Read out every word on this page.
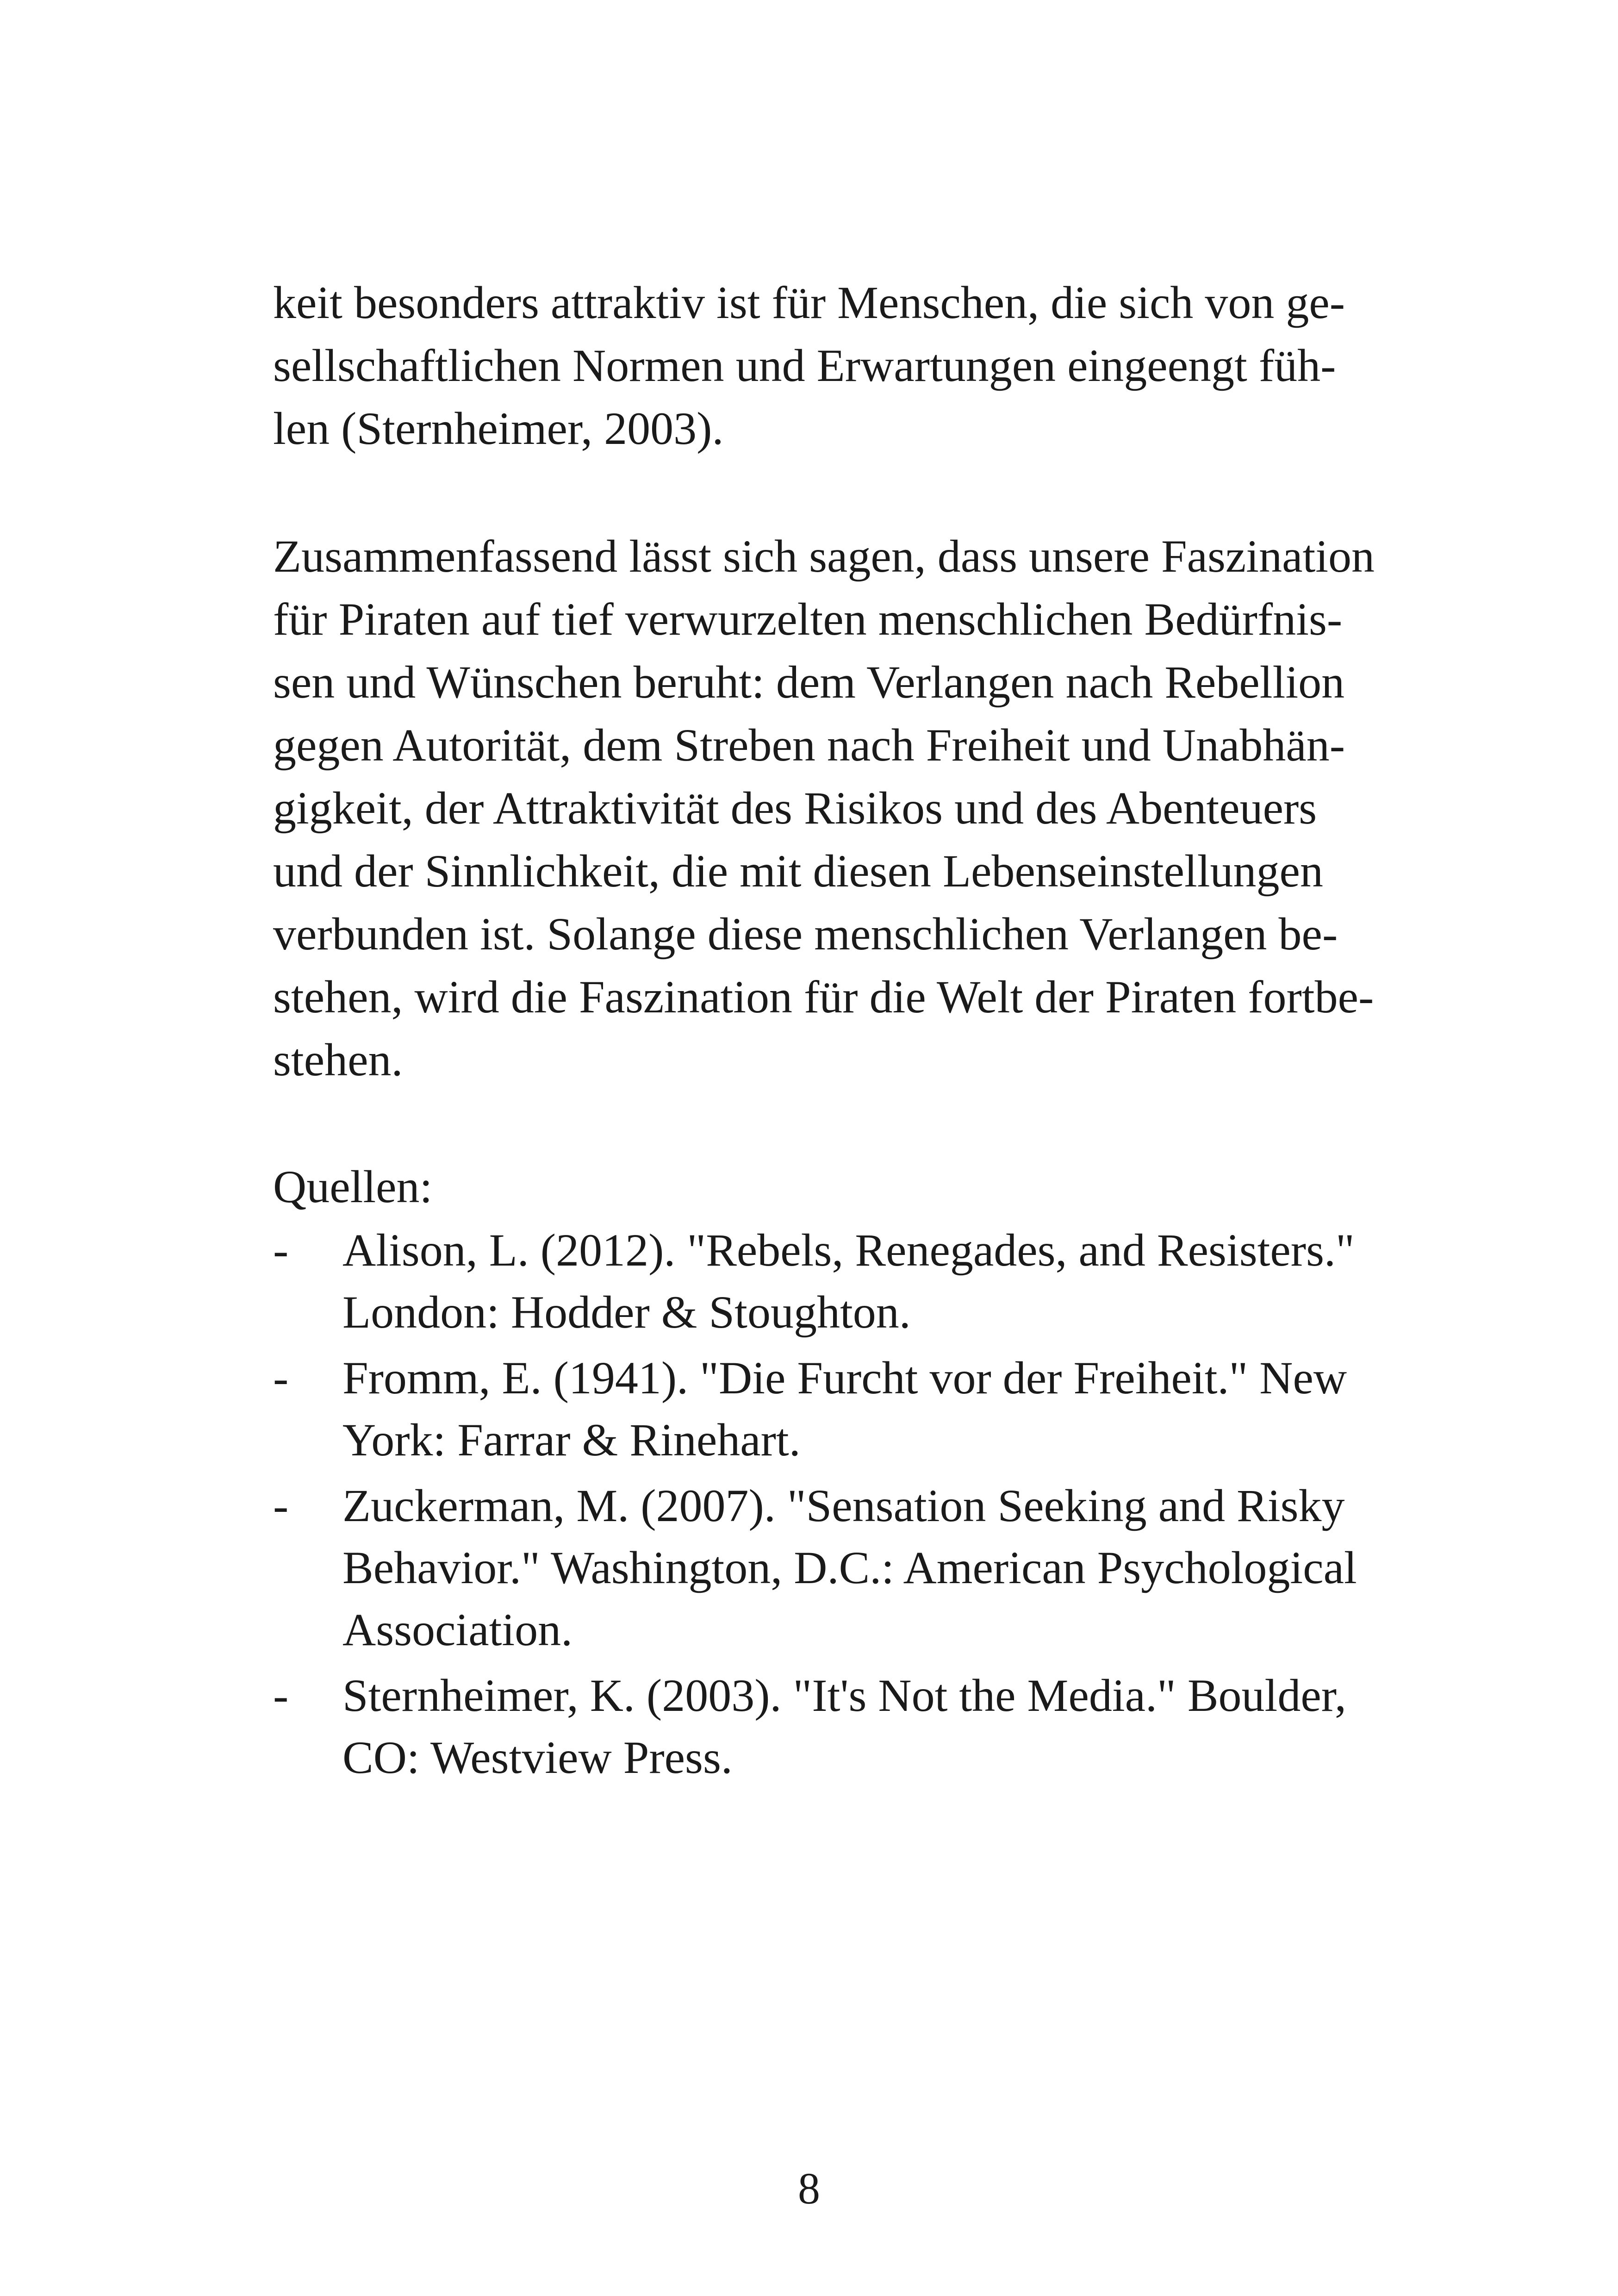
keit besonders attraktiv ist für Menschen, die sich von ge-
sellschaftlichen Normen und Erwartungen eingeengt füh-
len (Sternheimer, 2003).
Zusammenfassend lässt sich sagen, dass unsere Faszination
für Piraten auf tief verwurzelten menschlichen Bedürfnis-
sen und Wünschen beruht: dem Verlangen nach Rebellion
gegen Autorität, dem Streben nach Freiheit und Unabhän-
gigkeit, der Attraktivität des Risikos und des Abenteuers
und der Sinnlichkeit, die mit diesen Lebenseinstellungen
verbunden ist. Solange diese menschlichen Verlangen be-
stehen, wird die Faszination für die Welt der Piraten fortbe-
stehen.
Quellen:
- Alison, L. (2012). "Rebels, Renegades, and Resisters."
London: Hodder & Stoughton.
- Fromm, E. (1941). "Die Furcht vor der Freiheit." New
York: Farrar & Rinehart.
- Zuckerman, M. (2007). "Sensation Seeking and Risky
Behavior." Washington, D.C.: American Psychological
Association.
- Sternheimer, K. (2003). "It's Not the Media." Boulder,
CO: Westview Press.
8
